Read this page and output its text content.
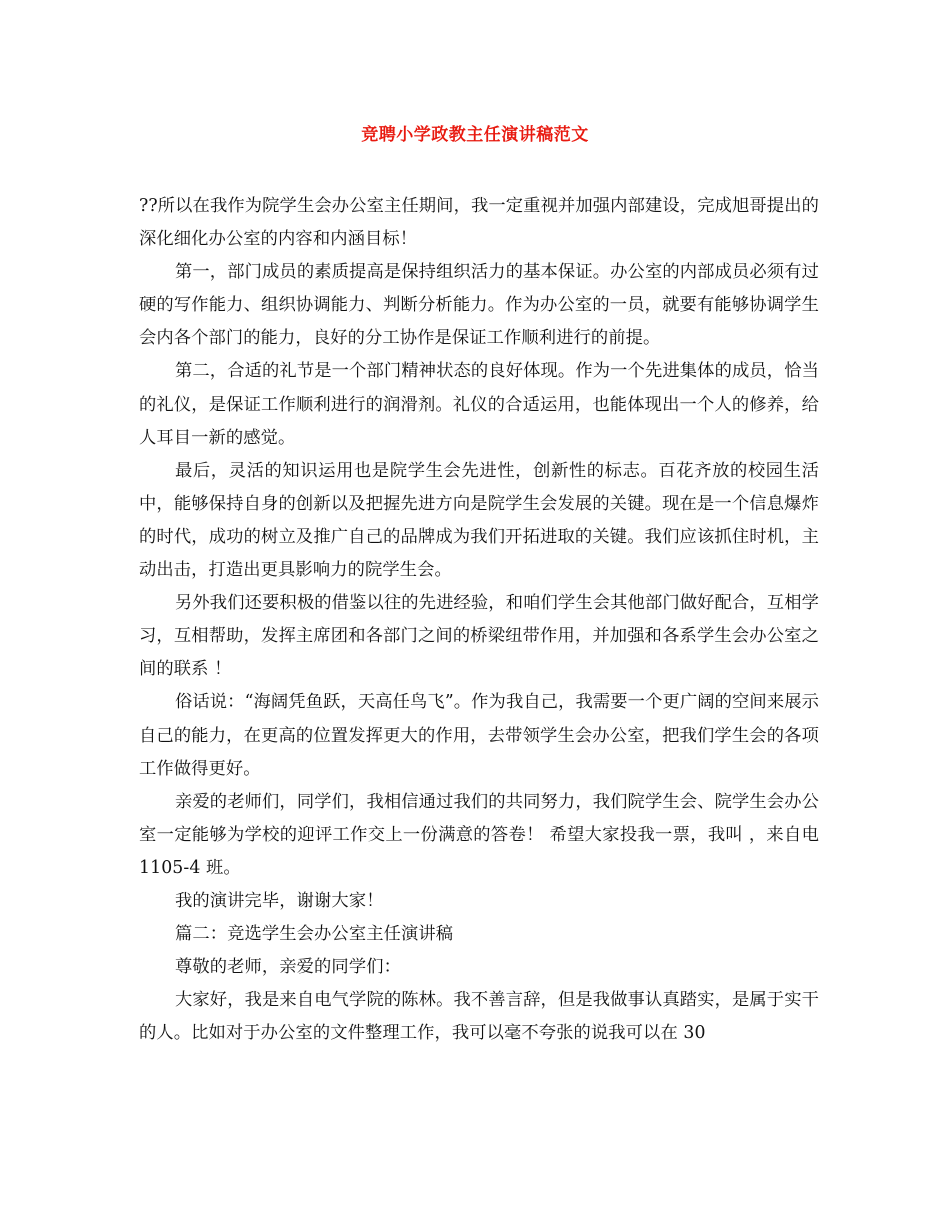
竞聘小学政教主任演讲稿范文

??所以在我作为院学生会办公室主任期间，我一定重视并加强内部建设，完成旭哥提出的深化细化办公室的内容和内涵目标！

第一，部门成员的素质提高是保持组织活力的基本保证。办公室的内部成员必须有过硬的写作能力、组织协调能力、判断分析能力。作为办公室的一员，就要有能够协调学生会内各个部门的能力，良好的分工协作是保证工作顺利进行的前提。

第二，合适的礼节是一个部门精神状态的良好体现。作为一个先进集体的成员，恰当的礼仪，是保证工作顺利进行的润滑剂。礼仪的合适运用，也能体现出一个人的修养，给人耳目一新的感觉。

最后，灵活的知识运用也是院学生会先进性，创新性的标志。百花齐放的校园生活中，能够保持自身的创新以及把握先进方向是院学生会发展的关键。现在是一个信息爆炸的时代，成功的树立及推广自己的品牌成为我们开拓进取的关键。我们应该抓住时机，主动出击，打造出更具影响力的院学生会。

另外我们还要积极的借鉴以往的先进经验，和咱们学生会其他部门做好配合，互相学习，互相帮助，发挥主席团和各部门之间的桥梁纽带作用，并加强和各系学生会办公室之间的联系 ！

俗话说：“海阔凭鱼跃，天高任鸟飞”。作为我自己，我需要一个更广阔的空间来展示自己的能力，在更高的位置发挥更大的作用，去带领学生会办公室，把我们学生会的各项工作做得更好。

亲爱的老师们，同学们，我相信通过我们的共同努力，我们院学生会、院学生会办公室一定能够为学校的迎评工作交上一份满意的答卷！ 希望大家投我一票，我叫 ，来自电 1105-4 班。

我的演讲完毕，谢谢大家！

篇二：竞选学生会办公室主任演讲稿

尊敬的老师，亲爱的同学们：

大家好，我是来自电气学院的陈林。我不善言辞，但是我做事认真踏实，是属于实干的人。比如对于办公室的文件整理工作，我可以毫不夸张的说我可以在 30
